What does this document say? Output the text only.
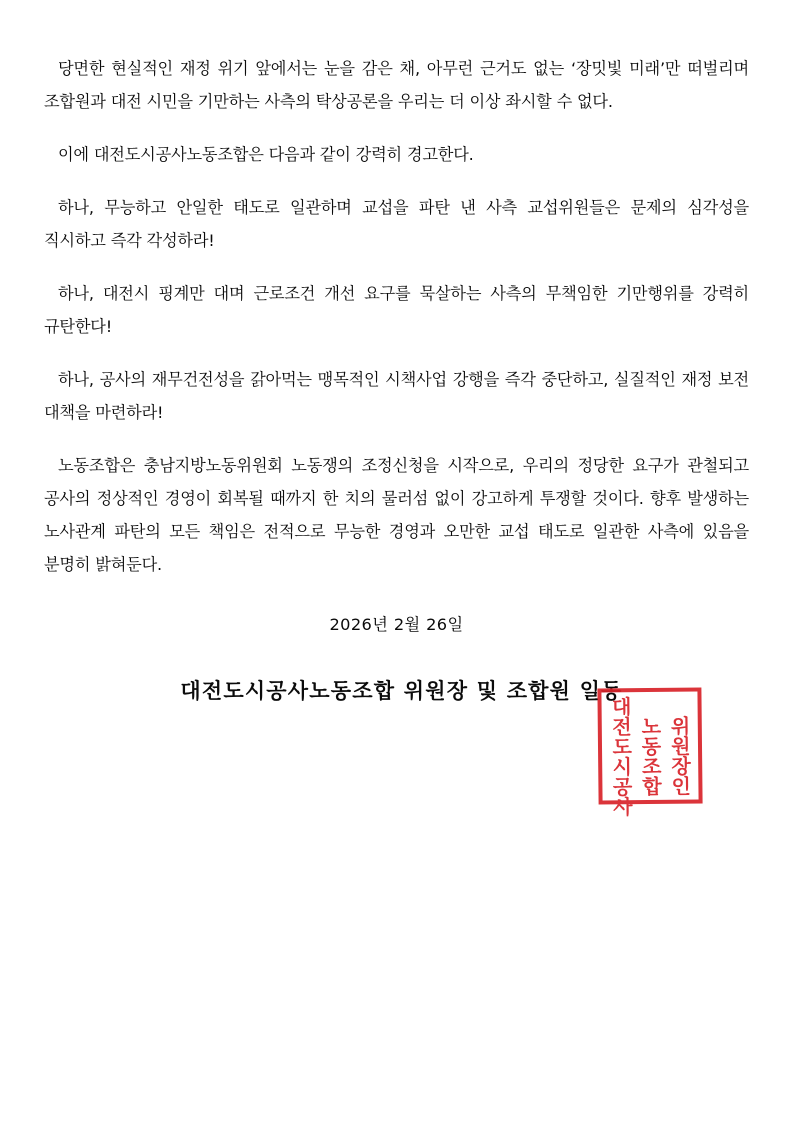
당면한 현실적인 재정 위기 앞에서는 눈을 감은 채, 아무런 근거도 없는 ‘장밋빛 미래’만 떠벌리며 조합원과 대전 시민을 기만하는 사측의 탁상공론을 우리는 더 이상 좌시할 수 없다.

이에 대전도시공사노동조합은 다음과 같이 강력히 경고한다.

하나, 무능하고 안일한 태도로 일관하며 교섭을 파탄 낸 사측 교섭위원들은 문제의 심각성을 직시하고 즉각 각성하라!

하나, 대전시 핑계만 대며 근로조건 개선 요구를 묵살하는 사측의 무책임한 기만행위를 강력히 규탄한다!

하나, 공사의 재무건전성을 갉아먹는 맹목적인 시책사업 강행을 즉각 중단하고, 실질적인 재정 보전 대책을 마련하라!

노동조합은 충남지방노동위원회 노동쟁의 조정신청을 시작으로, 우리의 정당한 요구가 관철되고 공사의 정상적인 경영이 회복될 때까지 한 치의 물러섬 없이 강고하게 투쟁할 것이다. 향후 발생하는 노사관계 파탄의 모든 책임은 전적으로 무능한 경영과 오만한 교섭 태도로 일관한 사측에 있음을 분명히 밝혀둔다.

2026년 2월 26일
대전도시공사노동조합 위원장 및 조합원 일동
대전도시공사 노동조합 위원장인
